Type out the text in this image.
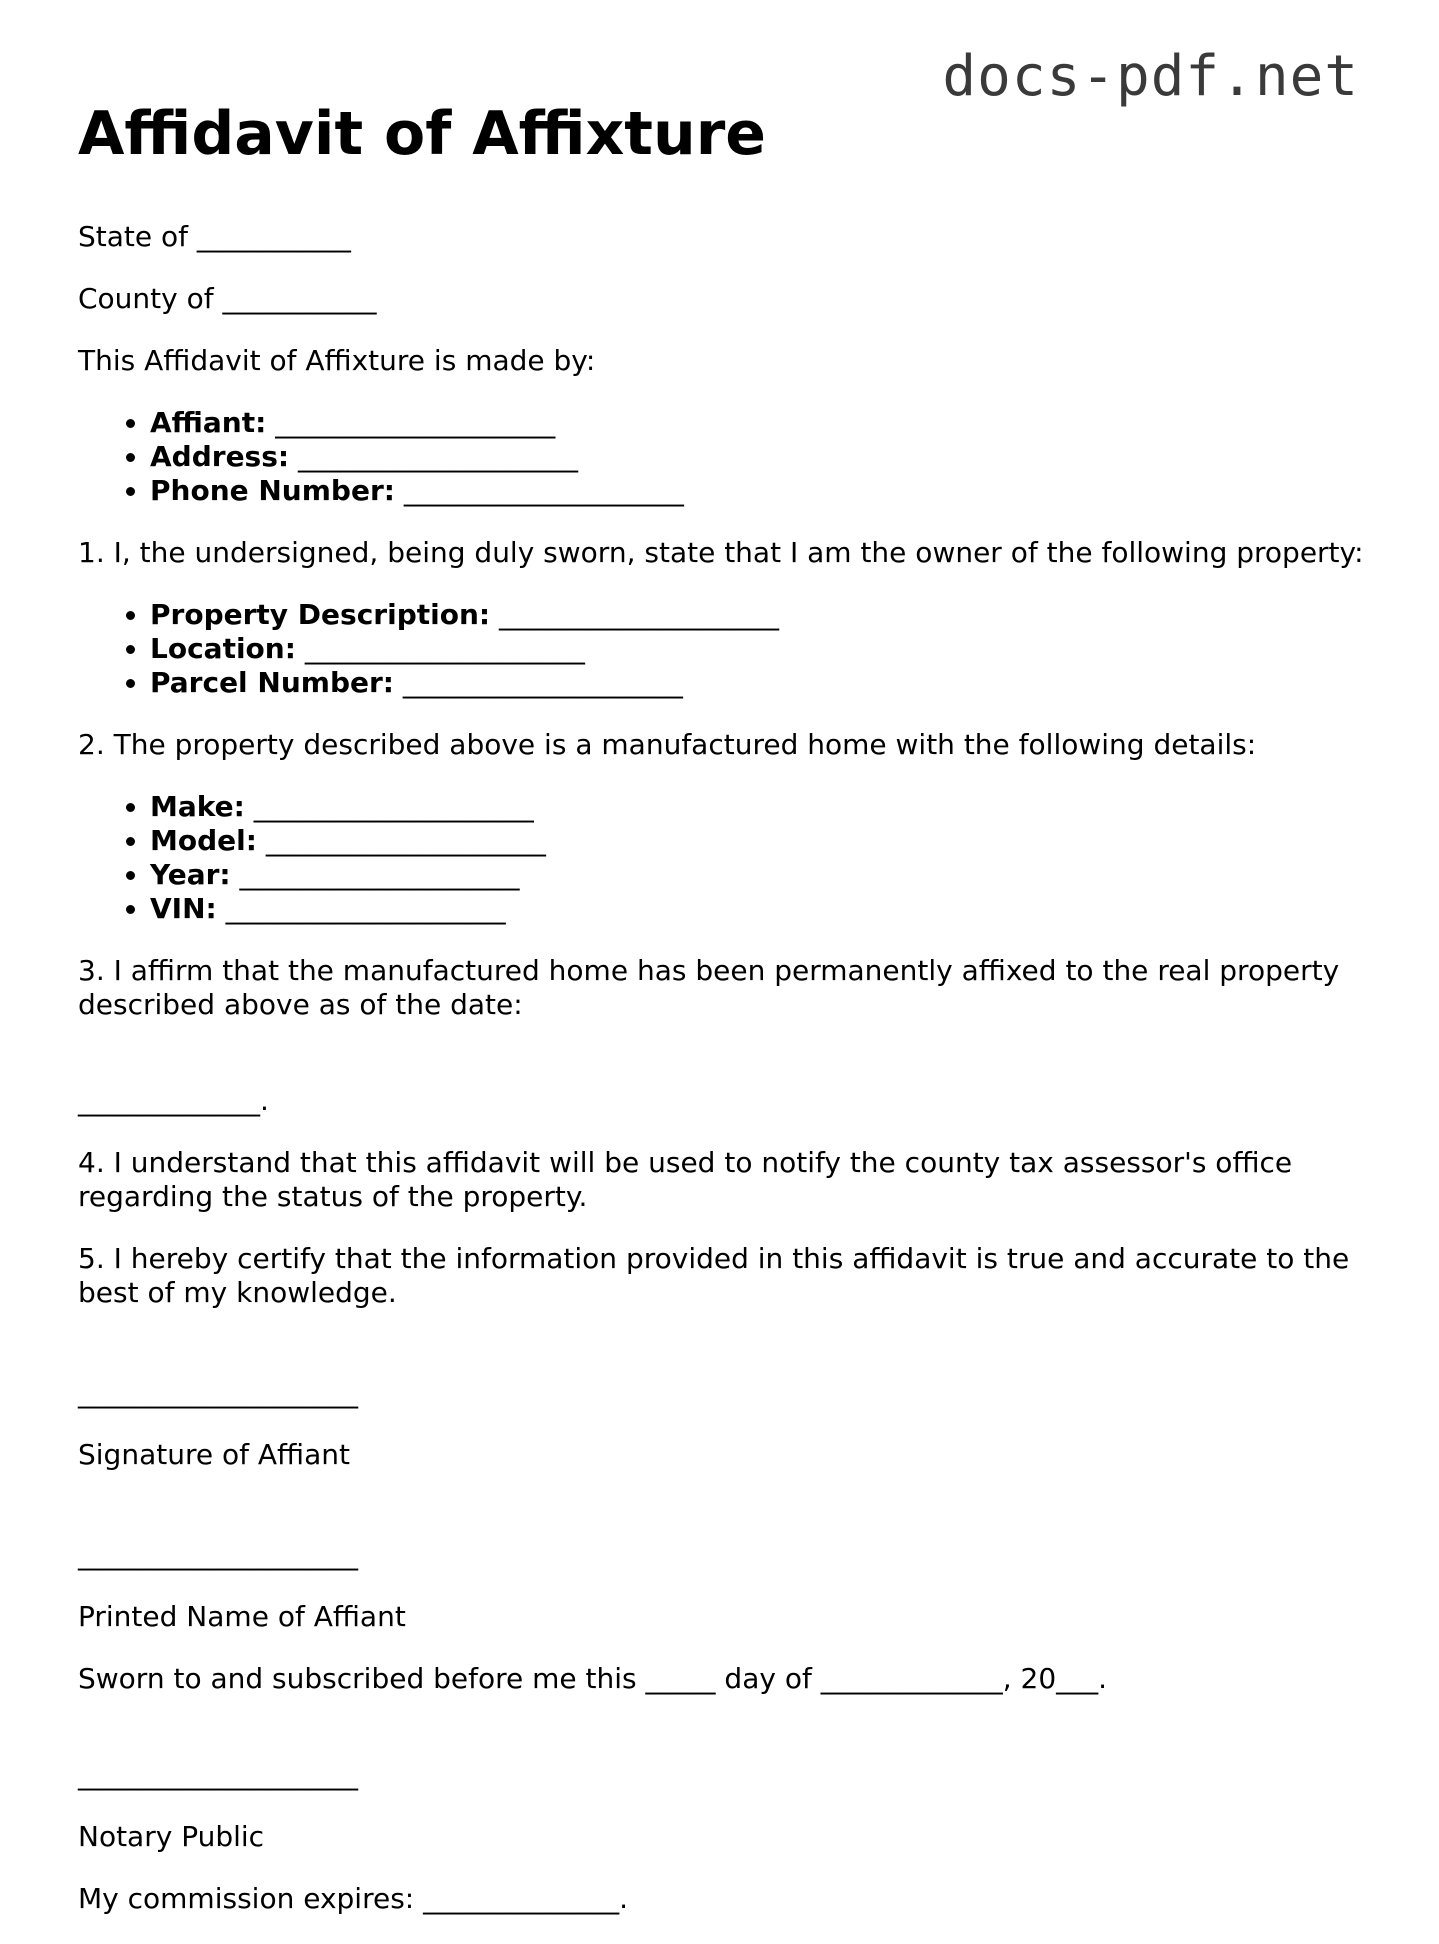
docs-pdf.net
Affidavit of Affixture

State of ___________

County of ___________

This Affidavit of Affixture is made by:

• Affiant: ____________________
• Address: ____________________
• Phone Number: ____________________

1. I, the undersigned, being duly sworn, state that I am the owner of the following property:

• Property Description: ____________________
• Location: ____________________
• Parcel Number: ____________________

2. The property described above is a manufactured home with the following details:

• Make: ____________________
• Model: ____________________
• Year: ____________________
• VIN: ____________________

3. I affirm that the manufactured home has been permanently affixed to the real property described above as of the date:

_____________.

4. I understand that this affidavit will be used to notify the county tax assessor's office regarding the status of the property.

5. I hereby certify that the information provided in this affidavit is true and accurate to the best of my knowledge.

____________________

Signature of Affiant

____________________

Printed Name of Affiant

Sworn to and subscribed before me this _____ day of _____________, 20___.

____________________

Notary Public

My commission expires: ______________.
